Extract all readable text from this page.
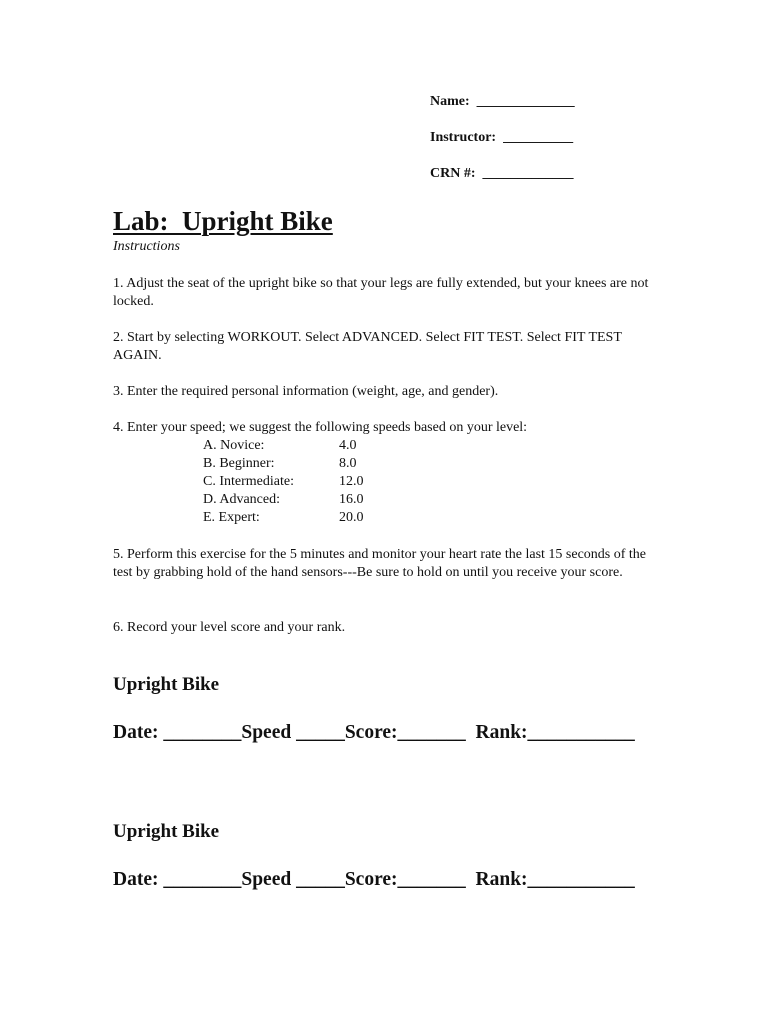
Name:  ______________
Instructor:  __________
CRN #:  _____________
Lab:  Upright Bike
Instructions
1. Adjust the seat of the upright bike so that your legs are fully extended, but your knees are not locked.
2. Start by selecting WORKOUT. Select ADVANCED. Select FIT TEST. Select FIT TEST AGAIN.
3. Enter the required personal information (weight, age, and gender).
4. Enter your speed; we suggest the following speeds based on your level:
A. Novice:	4.0
B. Beginner:	8.0
C. Intermediate:	12.0
D. Advanced:	16.0
E. Expert:	20.0
5. Perform this exercise for the 5 minutes and monitor your heart rate the last 15 seconds of the test by grabbing hold of the hand sensors---Be sure to hold on until you receive your score.
6. Record your level score and your rank.
Upright Bike
Date: ________Speed _____Score:_______  Rank:___________
Upright Bike
Date: ________Speed _____Score:_______  Rank:___________
